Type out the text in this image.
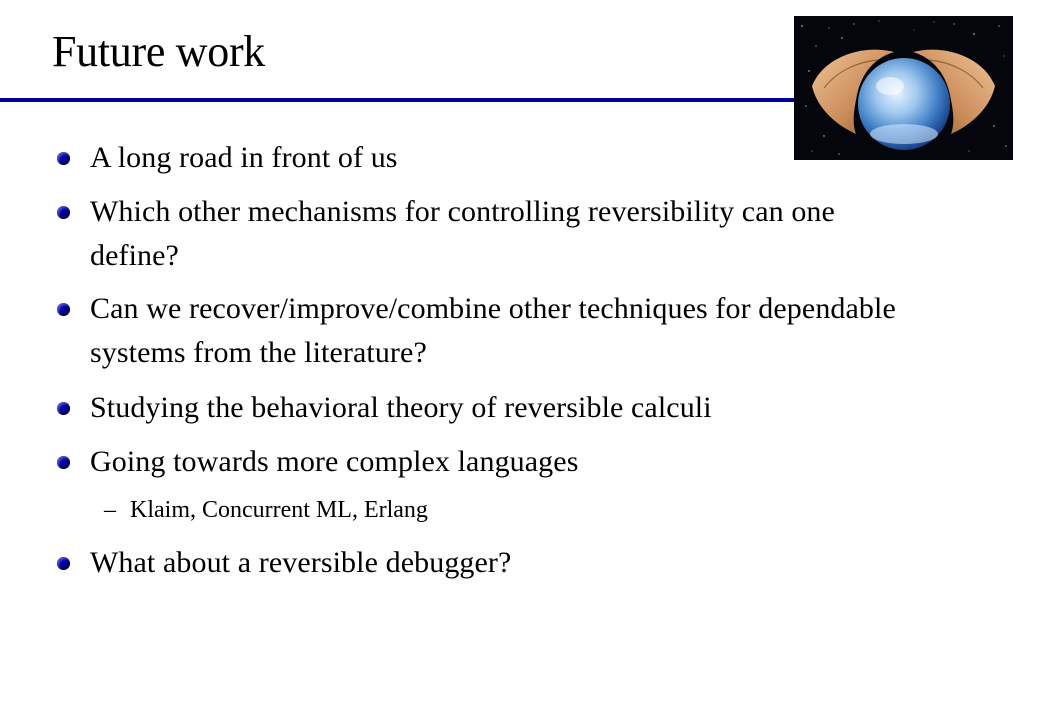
Future work
A long road in front of us
Which other mechanisms for controlling reversibility can one define?
Can we recover/improve/combine other techniques for dependable systems from the literature?
Studying the behavioral theory of reversible calculi
Going towards more complex languages
– Klaim, Concurrent ML, Erlang
What about a reversible debugger?
